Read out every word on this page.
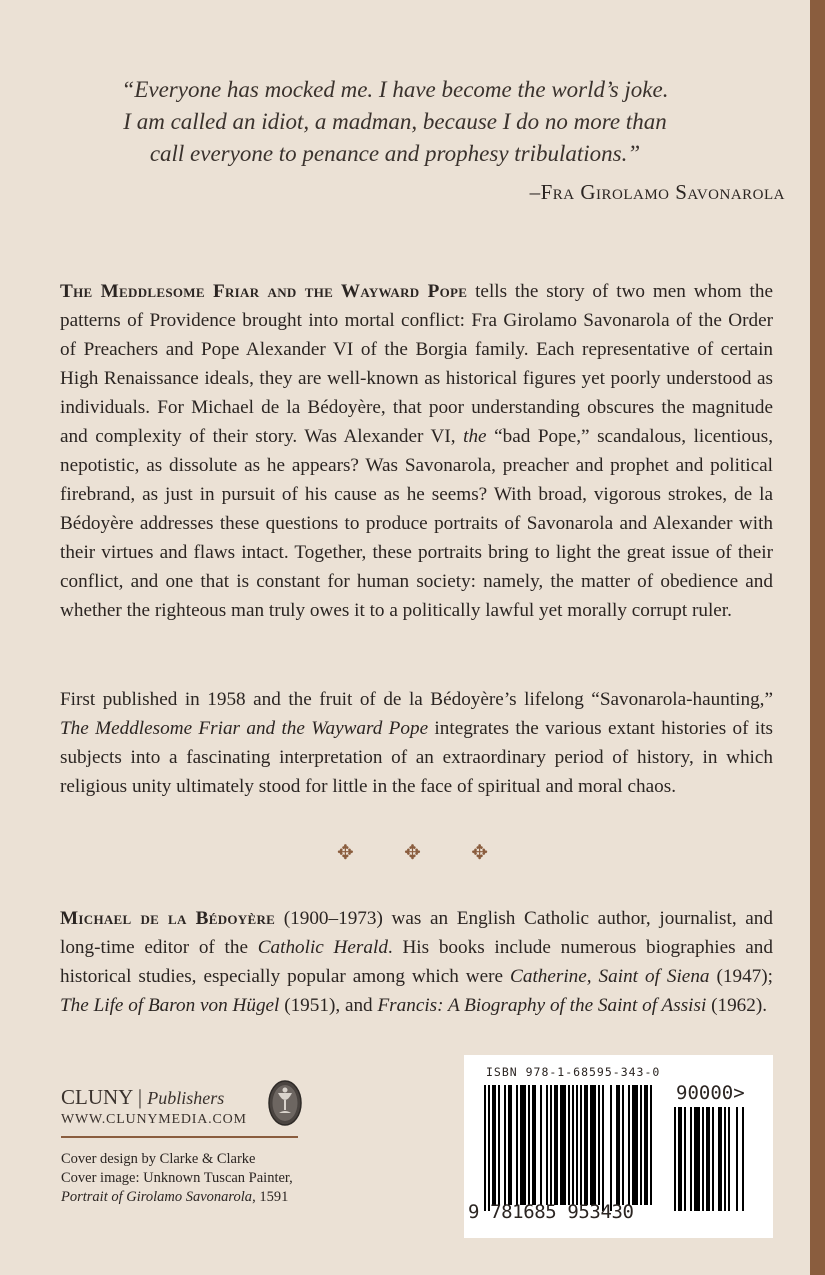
“Everyone has mocked me. I have become the world’s joke.
I am called an idiot, a madman, because I do no more than
call everyone to penance and prophesy tribulations.”
–Fra Girolamo Savonarola

The Meddlesome Friar and the Wayward Pope tells the story of two men whom the patterns of Providence brought into mortal conflict: Fra Girolamo Savonarola of the Order of Preachers and Pope Alexander VI of the Borgia family. Each representative of certain High Renaissance ideals, they are well-known as historical figures yet poorly understood as individuals. For Michael de la Bédoyère, that poor understanding obscures the magnitude and complexity of their story. Was Alexander VI, the “bad Pope,” scandalous, licentious, nepotistic, as dissolute as he appears? Was Savonarola, preacher and prophet and political firebrand, as just in pursuit of his cause as he seems? With broad, vigorous strokes, de la Bédoyère addresses these questions to produce portraits of Savonarola and Alexander with their virtues and flaws intact. Together, these portraits bring to light the great issue of their conflict, and one that is constant for human society: namely, the matter of obedience and whether the righteous man truly owes it to a politically lawful yet morally corrupt ruler.

First published in 1958 and the fruit of de la Bédoyère’s lifelong “Savonarola-haunting,” The Meddlesome Friar and the Wayward Pope integrates the various extant histories of its subjects into a fascinating interpretation of an extraordinary period of history, in which religious unity ultimately stood for little in the face of spiritual and moral chaos.

✥	✥	✥

Michael de la Bédoyère (1900–1973) was an English Catholic author, journalist, and long-time editor of the Catholic Herald. His books include numerous biographies and historical studies, especially popular among which were Catherine, Saint of Siena (1947); The Life of Baron von Hügel (1951), and Francis: A Biography of the Saint of Assisi (1962).

CLUNY | Publishers
WWW.CLUNYMEDIA.COM
Cover design by Clarke & Clarke
Cover image: Unknown Tuscan Painter,
Portrait of Girolamo Savonarola, 1591
ISBN 978-1-68595-343-0
90000>
9 781685 953430
